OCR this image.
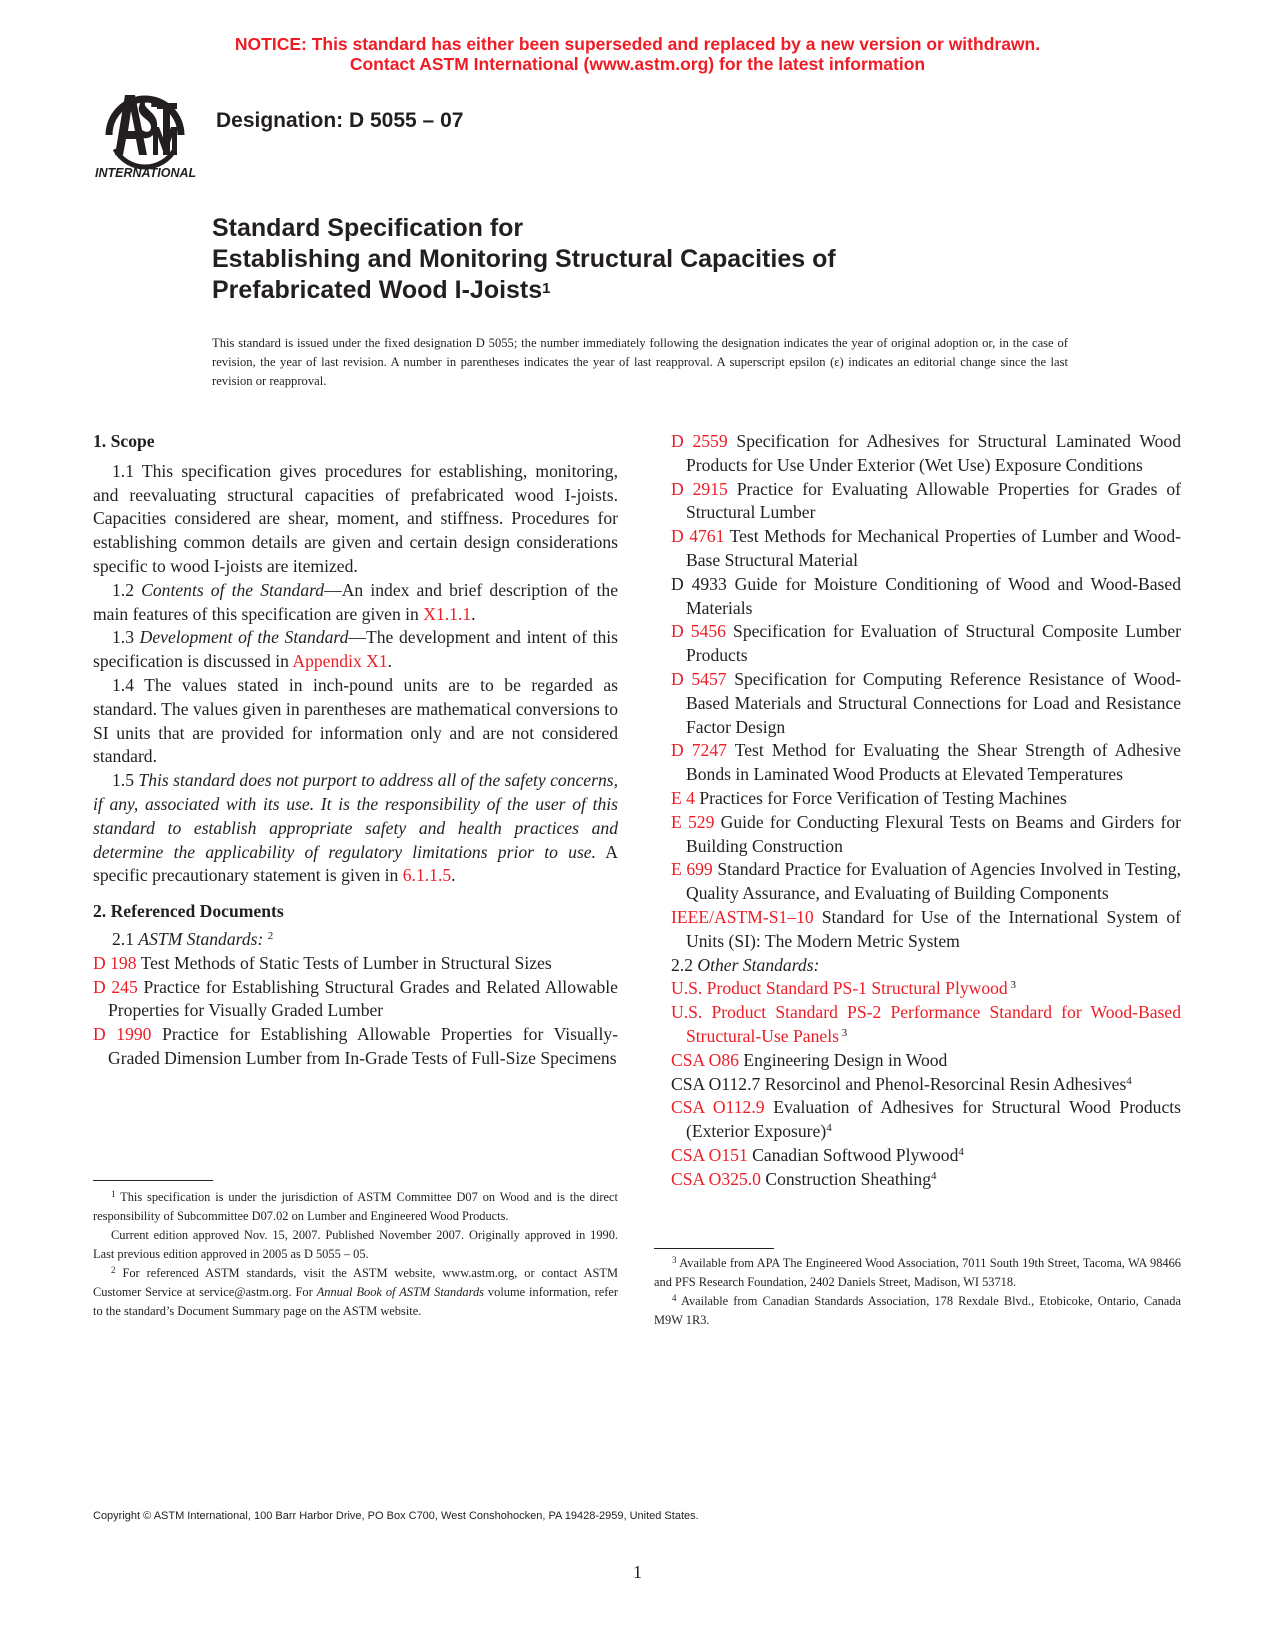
NOTICE: This standard has either been superseded and replaced by a new version or withdrawn.
Contact ASTM International (www.astm.org) for the latest information
INTERNATIONAL
Designation: D 5055 – 07
Standard Specification for
Establishing and Monitoring Structural Capacities of
Prefabricated Wood I-Joists$^1$
This standard is issued under the fixed designation D 5055; the number immediately following the designation indicates the year of original adoption or, in the case of revision, the year of last revision. A number in parentheses indicates the year of last reapproval. A superscript epsilon (ε) indicates an editorial change since the last revision or reapproval.

1. Scope

1.1 This specification gives procedures for establishing, monitoring, and reevaluating structural capacities of prefabricated wood I-joists. Capacities considered are shear, moment, and stiffness. Procedures for establishing common details are given and certain design considerations specific to wood I-joists are itemized.

1.2 Contents of the Standard—An index and brief description of the main features of this specification are given in X1.1.1.

1.3 Development of the Standard—The development and intent of this specification is discussed in Appendix X1.

1.4 The values stated in inch-pound units are to be regarded as standard. The values given in parentheses are mathematical conversions to SI units that are provided for information only and are not considered standard.

1.5 This standard does not purport to address all of the safety concerns, if any, associated with its use. It is the responsibility of the user of this standard to establish appropriate safety and health practices and determine the applicability of regulatory limitations prior to use. A specific precautionary statement is given in 6.1.1.5.

2. Referenced Documents

2.1 ASTM Standards: $^2$

D 198 Test Methods of Static Tests of Lumber in Structural Sizes

D 245 Practice for Establishing Structural Grades and Related Allowable Properties for Visually Graded Lumber

D 1990 Practice for Establishing Allowable Properties for Visually-Graded Dimension Lumber from In-Grade Tests of Full-Size Specimens

D 2559 Specification for Adhesives for Structural Laminated Wood Products for Use Under Exterior (Wet Use) Exposure Conditions

D 2915 Practice for Evaluating Allowable Properties for Grades of Structural Lumber

D 4761 Test Methods for Mechanical Properties of Lumber and Wood-Base Structural Material

D 4933 Guide for Moisture Conditioning of Wood and Wood-Based Materials

D 5456 Specification for Evaluation of Structural Composite Lumber Products

D 5457 Specification for Computing Reference Resistance of Wood-Based Materials and Structural Connections for Load and Resistance Factor Design

D 7247 Test Method for Evaluating the Shear Strength of Adhesive Bonds in Laminated Wood Products at Elevated Temperatures

E 4 Practices for Force Verification of Testing Machines

E 529 Guide for Conducting Flexural Tests on Beams and Girders for Building Construction

E 699 Standard Practice for Evaluation of Agencies Involved in Testing, Quality Assurance, and Evaluating of Building Components

IEEE/ASTM-S1–10 Standard for Use of the International System of Units (SI): The Modern Metric System

2.2 Other Standards:

U.S. Product Standard PS-1 Structural Plywood $^3$

U.S. Product Standard PS-2 Performance Standard for Wood-Based Structural-Use Panels $^3$

CSA O86 Engineering Design in Wood

CSA O112.7 Resorcinol and Phenol-Resorcinal Resin Adhesives$^4$

CSA O112.9 Evaluation of Adhesives for Structural Wood Products (Exterior Exposure)$^4$

CSA O151 Canadian Softwood Plywood$^4$

CSA O325.0 Construction Sheathing$^4$

$^1$ This specification is under the jurisdiction of ASTM Committee D07 on Wood and is the direct responsibility of Subcommittee D07.02 on Lumber and Engineered Wood Products.

Current edition approved Nov. 15, 2007. Published November 2007. Originally approved in 1990. Last previous edition approved in 2005 as D 5055 – 05.

$^2$ For referenced ASTM standards, visit the ASTM website, www.astm.org, or contact ASTM Customer Service at service@astm.org. For Annual Book of ASTM Standards volume information, refer to the standard’s Document Summary page on the ASTM website.

$^3$ Available from APA The Engineered Wood Association, 7011 South 19th Street, Tacoma, WA 98466 and PFS Research Foundation, 2402 Daniels Street, Madison, WI 53718.

$^4$ Available from Canadian Standards Association, 178 Rexdale Blvd., Etobicoke, Ontario, Canada M9W 1R3.

Copyright © ASTM International, 100 Barr Harbor Drive, PO Box C700, West Conshohocken, PA 19428-2959, United States.
1
